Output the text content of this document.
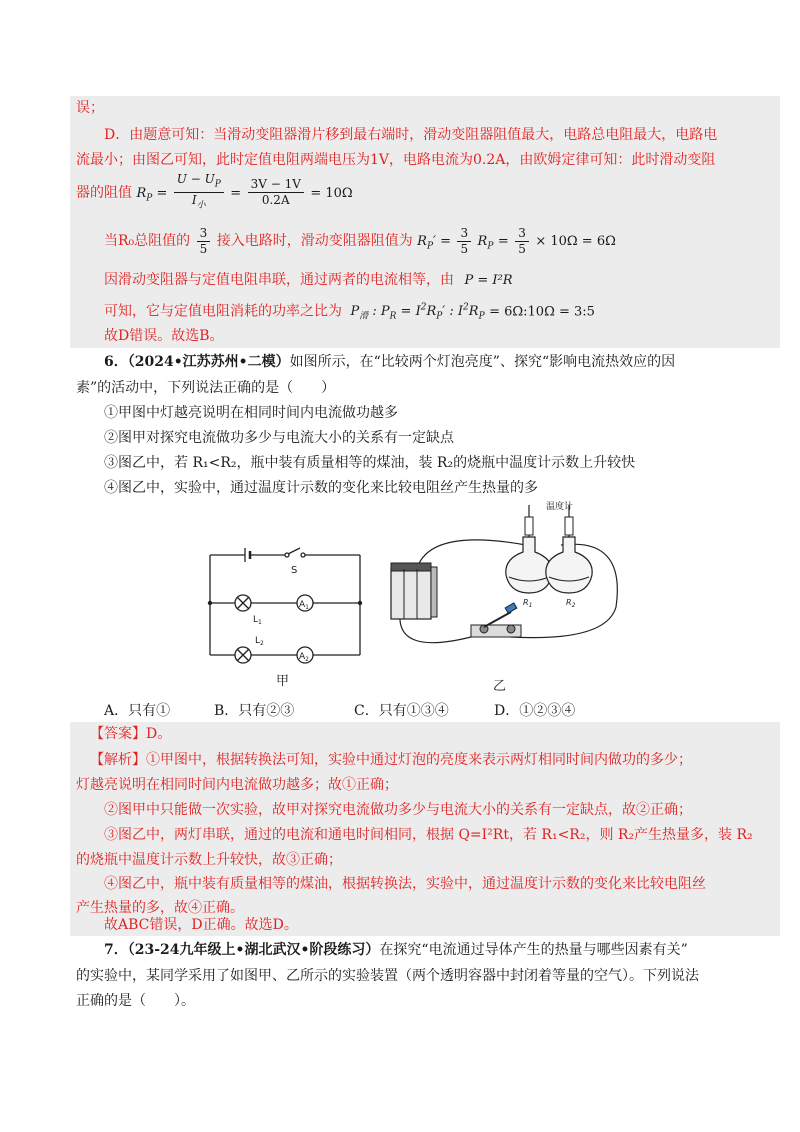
误；
D．由题意可知：当滑动变阻器滑片移到最右端时，滑动变阻器阻值最大，电路总电阻最大，电路电
流最小；由图乙可知，此时定值电阻两端电压为1V，电路电流为0.2A，由欧姆定律可知：此时滑动变阻
器的阻值 $R_P = \frac{U - U_P}{I_小} = \frac{3V - 1V}{0.2A} = 10\Omega$
当R₀总阻值的 $\frac{3}{5}$ 接入电路时，滑动变阻器阻值为 $R_P' = \frac{3}{5} R_P = \frac{3}{5} \times 10\Omega = 6\Omega$
因滑动变阻器与定值电阻串联，通过两者的电流相等，由 P = I²R
可知，它与定值电阻消耗的功率之比为 $P_滑$ : $P_R = I^2R_P'$ : $I^2R_P$ = 6Ω:10Ω = 3:5
故D错误。故选B。
6．（2024•江苏苏州•二模）如图所示，在“比较两个灯泡亮度”、探究“影响电流热效应的因
素”的活动中，下列说法正确的是（　　）
①甲图中灯越亮说明在相同时间内电流做功越多
②图甲对探究电流做功多少与电流大小的关系有一定缺点
③图乙中，若 R₁<R₂，瓶中装有质量相等的煤油，装 R₂的烧瓶中温度计示数上升较快
④图乙中，实验中，通过温度计示数的变化来比较电阻丝产生热量的多
S
$A_1$
$A_2$
$L_1$
$L_2$
甲
温度计
$R_1$	$R_2$
乙
A．只有①	B．只有②③	C．只有①③④	D．①②③④
【答案】D。
【解析】①甲图中，根据转换法可知，实验中通过灯泡的亮度来表示两灯相同时间内做功的多少；
灯越亮说明在相同时间内电流做功越多；故①正确；
②图甲中只能做一次实验，故甲对探究电流做功多少与电流大小的关系有一定缺点，故②正确；
③图乙中，两灯串联，通过的电流和通电时间相同，根据 Q=I²Rt，若 R₁<R₂，则 R₂产生热量多，装 R₂
的烧瓶中温度计示数上升较快，故③正确；
④图乙中，瓶中装有质量相等的煤油，根据转换法，实验中，通过温度计示数的变化来比较电阻丝
产生热量的多，故④正确。
故ABC错误，D正确。故选D。
7．（23-24九年级上•湖北武汉•阶段练习）在探究“电流通过导体产生的热量与哪些因素有关”
的实验中，某同学采用了如图甲、乙所示的实验装置（两个透明容器中封闭着等量的空气）。下列说法
正确的是（　　）。
